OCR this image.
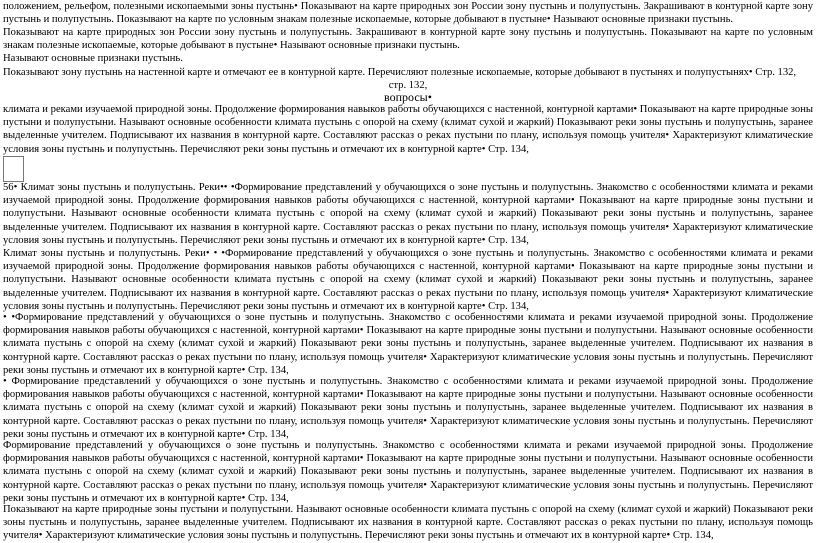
положением, рельефом, полезными ископаемыми зоны пустынь• Показывают на карте природных зон России зону пустынь и полупустынь. Закрашивают в контурной карте зону пустынь и полупустынь. Показывают на карте по условным знакам полезные ископаемые, которые добывают в пустыне• Называют основные признаки пустынь.
Показывают на карте природных зон России зону пустынь и полупустынь. Закрашивают в контурной карте зону пустынь и полупустынь. Показывают на карте по условным знакам полезные ископаемые, которые добывают в пустыне• Называют основные признаки пустынь.
Называют основные признаки пустынь.
Показывают зону пустынь на настенной карте и отмечают ее в контурной карте. Перечисляют полезные ископаемые, которые добывают в пустынях и полупустынях• Стр. 132,
стр. 132,
вопросы•
климата и реками изучаемой природной зоны. Продолжение формирования навыков работы обучающихся с настенной, контурной картами• Показывают на карте природные зоны пустыни и полупустыни. Называют основные особенности климата пустынь с опорой на схему (климат сухой и жаркий) Показывают реки зоны пустынь и полупустынь, заранее выделенные учителем. Подписывают их названия в контурной карте. Составляют рассказ о реках пустыни по плану, используя помощь учителя• Характеризуют климатические условия зоны пустынь и полупустынь. Перечисляют реки зоны пустынь и отмечают их в контурной карте• Стр. 134,
56• Климат зоны пустынь и полупустынь. Реки•• •Формирование представлений у обучающихся о зоне пустынь и полупустынь. Знакомство с особенностями климата и реками изучаемой природной зоны. Продолжение формирования навыков работы обучающихся с настенной, контурной картами• Показывают на карте природные зоны пустыни и полупустыни. Называют основные особенности климата пустынь с опорой на схему (климат сухой и жаркий) Показывают реки зоны пустынь и полупустынь, заранее выделенные учителем. Подписывают их названия в контурной карте. Составляют рассказ о реках пустыни по плану, используя помощь учителя• Характеризуют климатические условия зоны пустынь и полупустынь. Перечисляют реки зоны пустынь и отмечают их в контурной карте• Стр. 134,
Климат зоны пустынь и полупустынь. Реки• • •Формирование представлений у обучающихся о зоне пустынь и полупустынь. Знакомство с особенностями климата и реками изучаемой природной зоны. Продолжение формирования навыков работы обучающихся с настенной, контурной картами• Показывают на карте природные зоны пустыни и полупустыни. Называют основные особенности климата пустынь с опорой на схему (климат сухой и жаркий) Показывают реки зоны пустынь и полупустынь, заранее выделенные учителем. Подписывают их названия в контурной карте. Составляют рассказ о реках пустыни по плану, используя помощь учителя• Характеризуют климатические условия зоны пустынь и полупустынь. Перечисляют реки зоны пустынь и отмечают их в контурной карте• Стр. 134,
• •Формирование представлений у обучающихся о зоне пустынь и полупустынь. Знакомство с особенностями климата и реками изучаемой природной зоны. Продолжение формирования навыков работы обучающихся с настенной, контурной картами• Показывают на карте природные зоны пустыни и полупустыни. Называют основные особенности климата пустынь с опорой на схему (климат сухой и жаркий) Показывают реки зоны пустынь и полупустынь, заранее выделенные учителем. Подписывают их названия в контурной карте. Составляют рассказ о реках пустыни по плану, используя помощь учителя• Характеризуют климатические условия зоны пустынь и полупустынь. Перечисляют реки зоны пустынь и отмечают их в контурной карте• Стр. 134,
• Формирование представлений у обучающихся о зоне пустынь и полупустынь. Знакомство с особенностями климата и реками изучаемой природной зоны. Продолжение формирования навыков работы обучающихся с настенной, контурной картами• Показывают на карте природные зоны пустыни и полупустыни. Называют основные особенности климата пустынь с опорой на схему (климат сухой и жаркий) Показывают реки зоны пустынь и полупустынь, заранее выделенные учителем. Подписывают их названия в контурной карте. Составляют рассказ о реках пустыни по плану, используя помощь учителя• Характеризуют климатические условия зоны пустынь и полупустынь. Перечисляют реки зоны пустынь и отмечают их в контурной карте• Стр. 134,
Формирование представлений у обучающихся о зоне пустынь и полупустынь. Знакомство с особенностями климата и реками изучаемой природной зоны. Продолжение формирования навыков работы обучающихся с настенной, контурной картами• Показывают на карте природные зоны пустыни и полупустыни. Называют основные особенности климата пустынь с опорой на схему (климат сухой и жаркий) Показывают реки зоны пустынь и полупустынь, заранее выделенные учителем. Подписывают их названия в контурной карте. Составляют рассказ о реках пустыни по плану, используя помощь учителя• Характеризуют климатические условия зоны пустынь и полупустынь. Перечисляют реки зоны пустынь и отмечают их в контурной карте• Стр. 134,
Показывают на карте природные зоны пустыни и полупустыни. Называют основные особенности климата пустынь с опорой на схему (климат сухой и жаркий) Показывают реки зоны пустынь и полупустынь, заранее выделенные учителем. Подписывают их названия в контурной карте. Составляют рассказ о реках пустыни по плану, используя помощь учителя• Характеризуют климатические условия зоны пустынь и полупустынь. Перечисляют реки зоны пустынь и отмечают их в контурной карте• Стр. 134,
